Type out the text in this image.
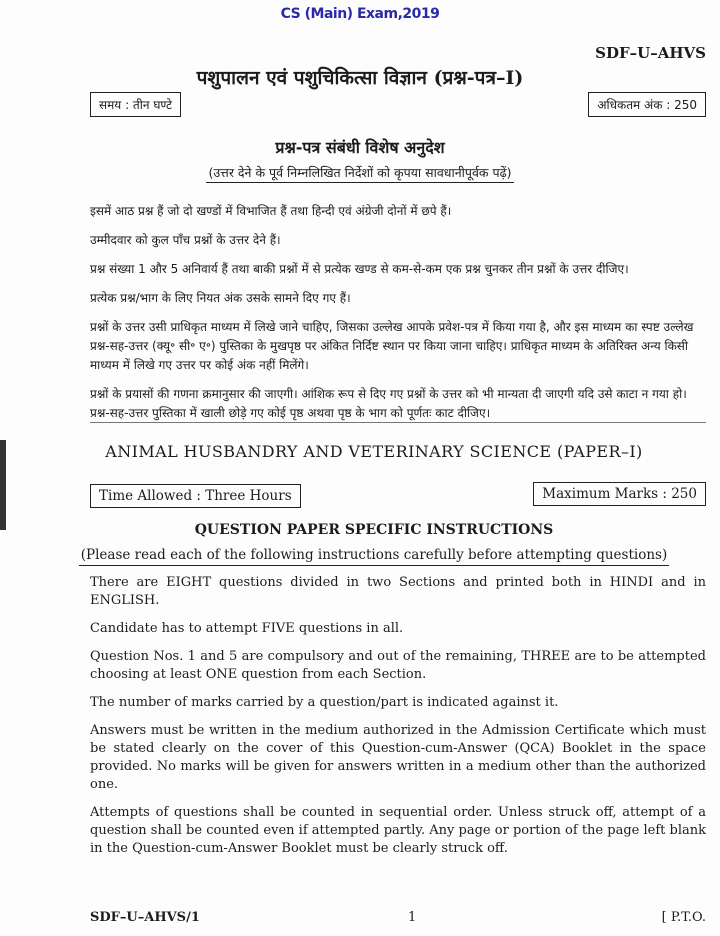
CS (Main) Exam,2019
SDF–U–AHVS
पशुपालन एवं पशुचिकित्सा विज्ञान (प्रश्न-पत्र–I)
समय : तीन घण्टे	अधिकतम अंक : 250
प्रश्न-पत्र संबंधी विशेष अनुदेश
(उत्तर देने के पूर्व निम्नलिखित निर्देशों को कृपया सावधानीपूर्वक पढ़ें)

इसमें आठ प्रश्न हैं जो दो खण्डों में विभाजित हैं तथा हिन्दी एवं अंग्रेजी दोनों में छपे हैं।

उम्मीदवार को कुल पाँच प्रश्नों के उत्तर देने हैं।

प्रश्न संख्या 1 और 5 अनिवार्य हैं तथा बाकी प्रश्नों में से प्रत्येक खण्ड से कम-से-कम एक प्रश्न चुनकर तीन प्रश्नों के उत्तर दीजिए।

प्रत्येक प्रश्न/भाग के लिए नियत अंक उसके सामने दिए गए हैं।

प्रश्नों के उत्तर उसी प्राधिकृत माध्यम में लिखे जाने चाहिए, जिसका उल्लेख आपके प्रवेश-पत्र में किया गया है, और इस माध्यम का स्पष्ट उल्लेख प्रश्न-सह-उत्तर (क्यू॰ सी॰ ए॰) पुस्तिका के मुखपृष्ठ पर अंकित निर्दिष्ट स्थान पर किया जाना चाहिए। प्राधिकृत माध्यम के अतिरिक्त अन्य किसी माध्यम में लिखे गए उत्तर पर कोई अंक नहीं मिलेंगे।

प्रश्नों के प्रयासों की गणना क्रमानुसार की जाएगी। आंशिक रूप से दिए गए प्रश्नों के उत्तर को भी मान्यता दी जाएगी यदि उसे काटा न गया हो। प्रश्न-सह-उत्तर पुस्तिका में खाली छोड़े गए कोई पृष्ठ अथवा पृष्ठ के भाग को पूर्णतः काट दीजिए।

ANIMAL HUSBANDRY AND VETERINARY SCIENCE (PAPER–I)
Time Allowed : Three Hours	Maximum Marks : 250
QUESTION PAPER SPECIFIC INSTRUCTIONS
(Please read each of the following instructions carefully before attempting questions)

There are EIGHT questions divided in two Sections and printed both in HINDI and in ENGLISH.

Candidate has to attempt FIVE questions in all.

Question Nos. 1 and 5 are compulsory and out of the remaining, THREE are to be attempted choosing at least ONE question from each Section.

The number of marks carried by a question/part is indicated against it.

Answers must be written in the medium authorized in the Admission Certificate which must be stated clearly on the cover of this Question-cum-Answer (QCA) Booklet in the space provided. No marks will be given for answers written in a medium other than the authorized one.

Attempts of questions shall be counted in sequential order. Unless struck off, attempt of a question shall be counted even if attempted partly. Any page or portion of the page left blank in the Question-cum-Answer Booklet must be clearly struck off.

SDF–U–AHVS/1	1	[ P.T.O.
